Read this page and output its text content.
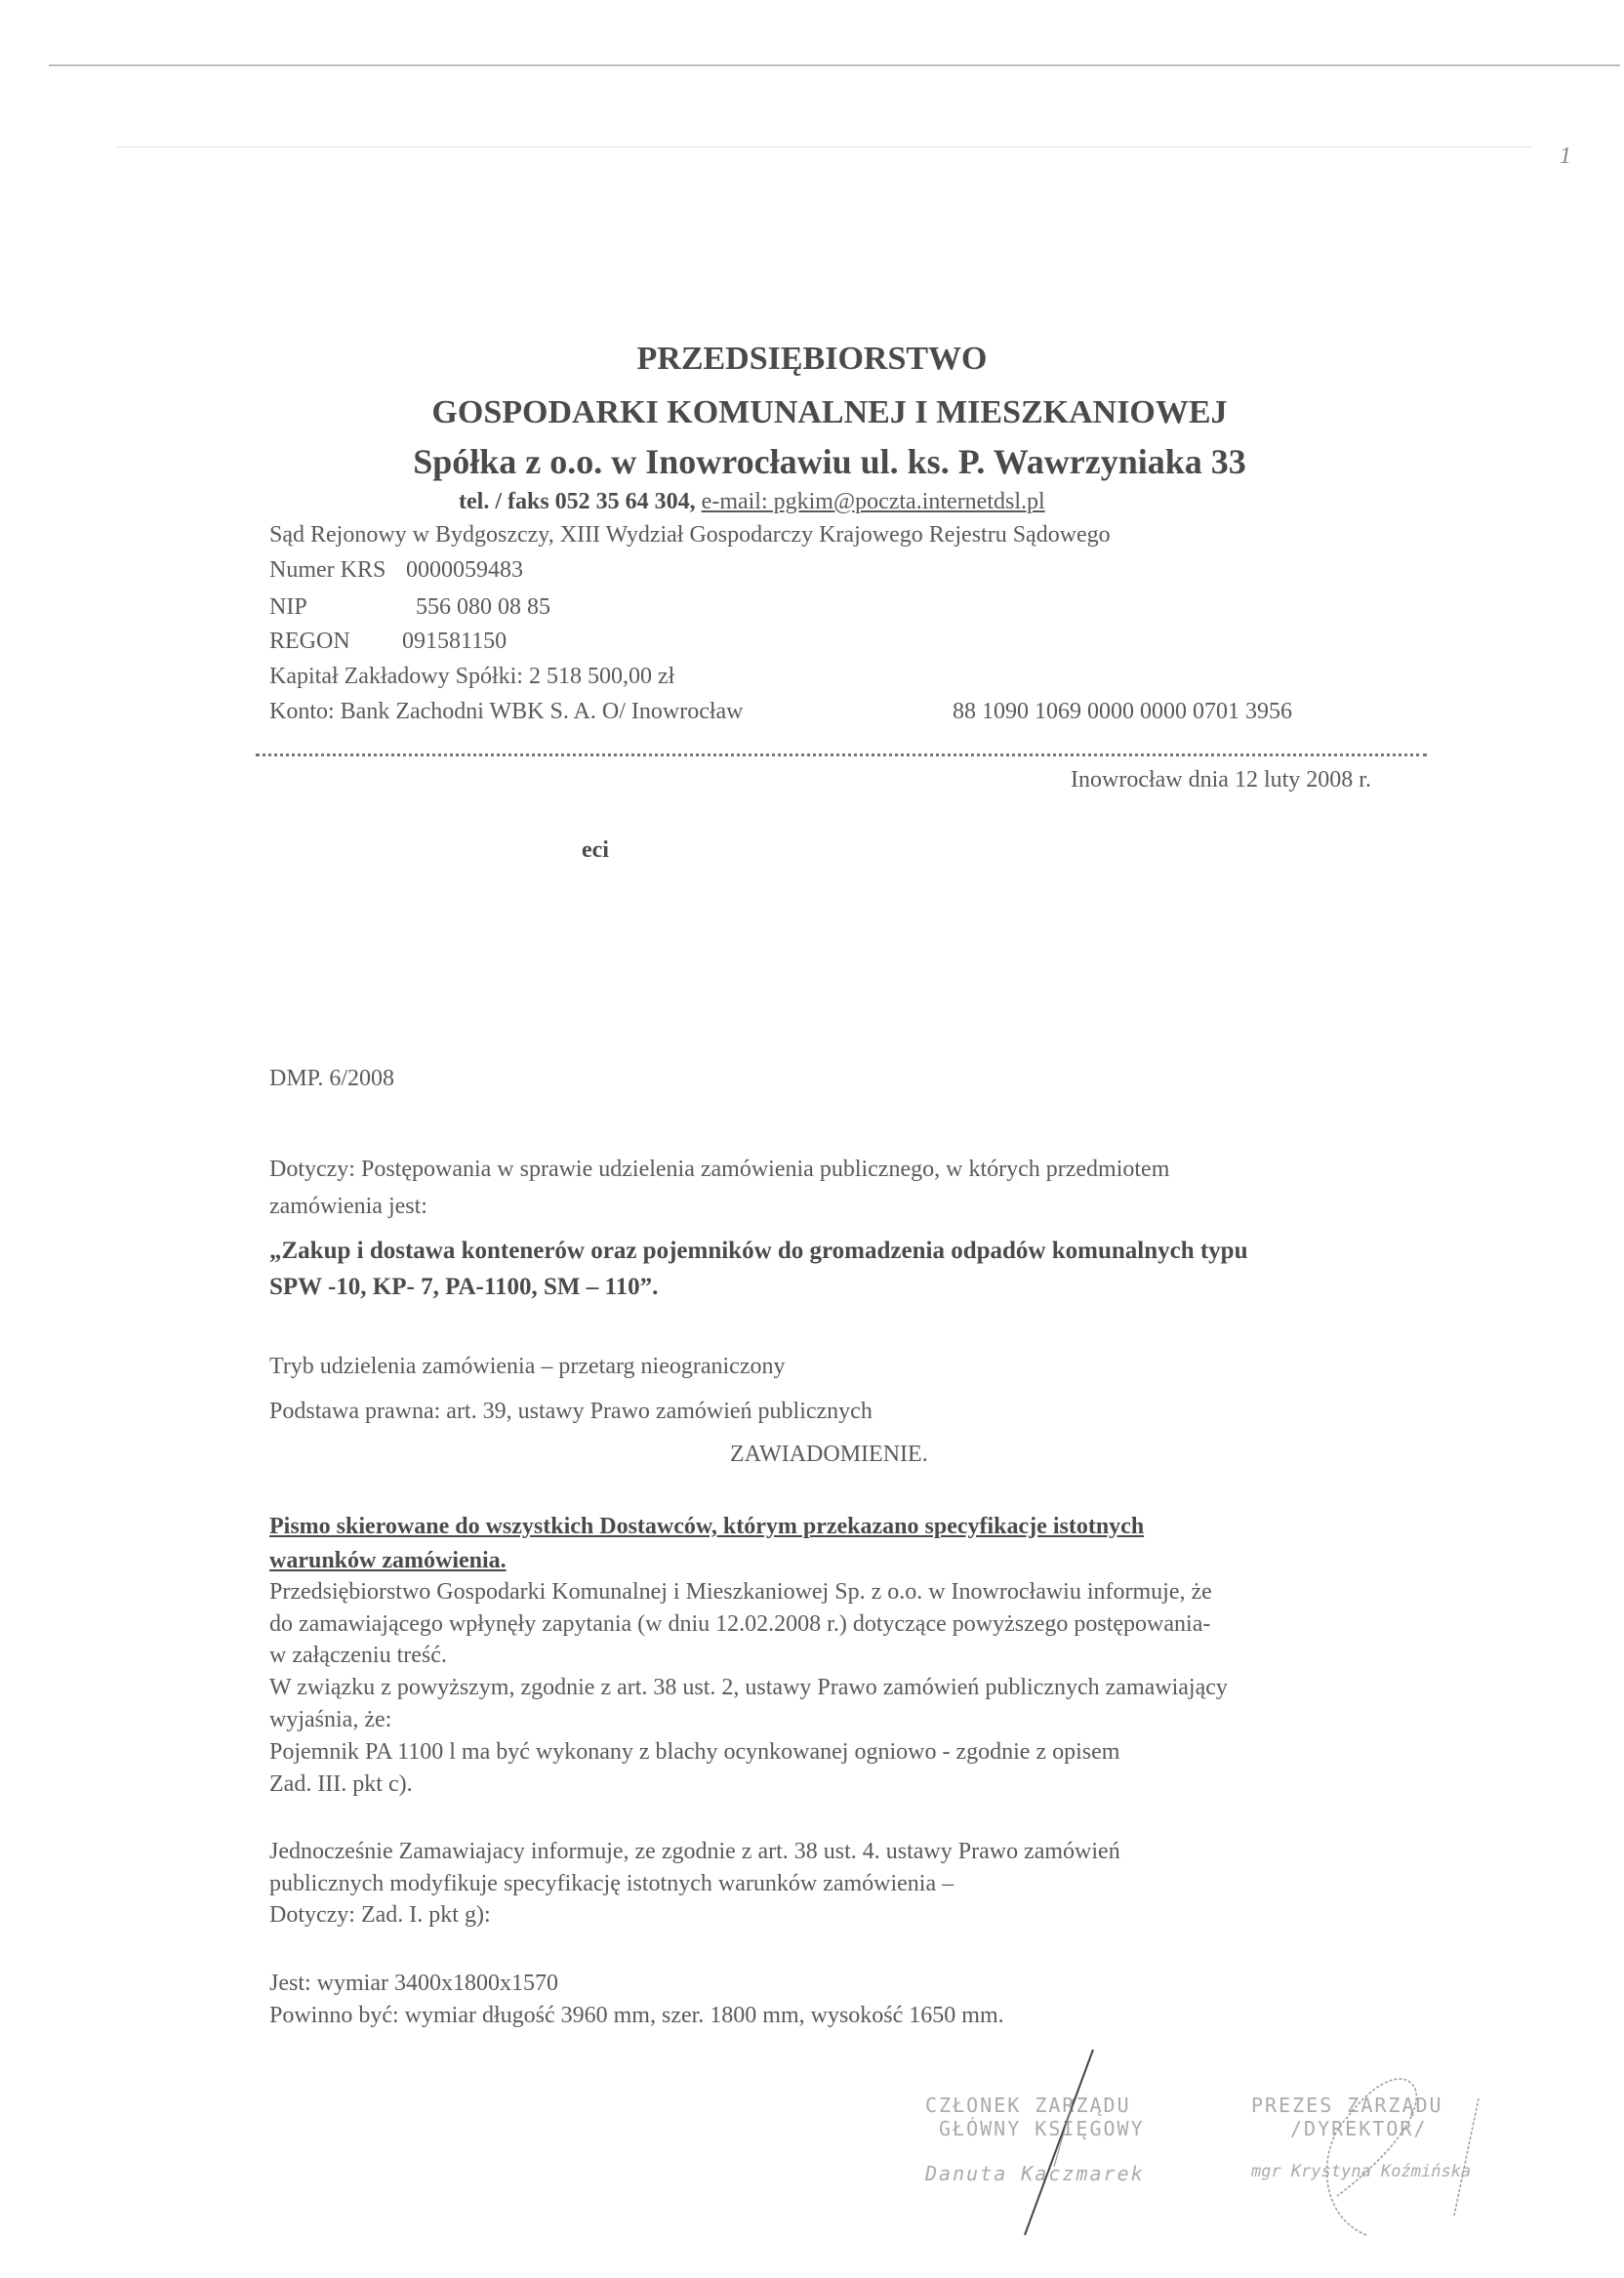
1
PRZEDSIĘBIORSTWO
GOSPODARKI KOMUNALNEJ I MIESZKANIOWEJ
Spółka z o.o. w Inowrocławiu ul. ks. P. Wawrzyniaka 33
tel. / faks 052 35 64 304, e-mail: pgkim@poczta.internetdsl.pl
Sąd Rejonowy w Bydgoszczy, XIII Wydział Gospodarczy Krajowego Rejestru Sądowego
Numer KRS 0000059483
NIP	556 080 08 85
REGON 091581150
Kapitał Zakładowy Spółki: 2 518 500,00 zł
Konto: Bank Zachodni WBK S. A. O/ Inowrocław	88 1090 1069 0000 0000 0701 3956
Inowrocław dnia 12 luty 2008 r.
eci
DMP. 6/2008
Dotyczy: Postępowania w sprawie udzielenia zamówienia publicznego, w których przedmiotem
zamówienia jest:
„Zakup i dostawa kontenerów oraz pojemników do gromadzenia odpadów komunalnych typu
SPW -10, KP- 7, PA-1100, SM – 110”.
Tryb udzielenia zamówienia – przetarg nieograniczony
Podstawa prawna: art. 39, ustawy Prawo zamówień publicznych
ZAWIADOMIENIE.
Pismo skierowane do wszystkich Dostawców, którym przekazano specyfikacje istotnych
warunków zamówienia.
Przedsiębiorstwo Gospodarki Komunalnej i Mieszkaniowej Sp. z o.o. w Inowrocławiu informuje, że
do zamawiającego wpłynęły zapytania (w dniu 12.02.2008 r.) dotyczące powyższego postępowania-
w załączeniu treść.
W związku z powyższym, zgodnie z art. 38 ust. 2, ustawy Prawo zamówień publicznych zamawiający
wyjaśnia, że:
Pojemnik PA 1100 l ma być wykonany z blachy ocynkowanej ogniowo - zgodnie z opisem
Zad. III. pkt c).
Jednocześnie Zamawiajacy informuje, ze zgodnie z art. 38 ust. 4. ustawy Prawo zamówień
publicznych modyfikuje specyfikację istotnych warunków zamówienia –
Dotyczy: Zad. I. pkt g):
Jest: wymiar 3400x1800x1570
Powinno być: wymiar długość 3960 mm, szer. 1800 mm, wysokość 1650 mm.
CZŁONEK ZARZĄDU
GŁÓWNY KSIĘGOWY
Danuta Kaczmarek
PREZES ZARZĄDU
/DYREKTOR/
mgr Krystyna Koźmińska
